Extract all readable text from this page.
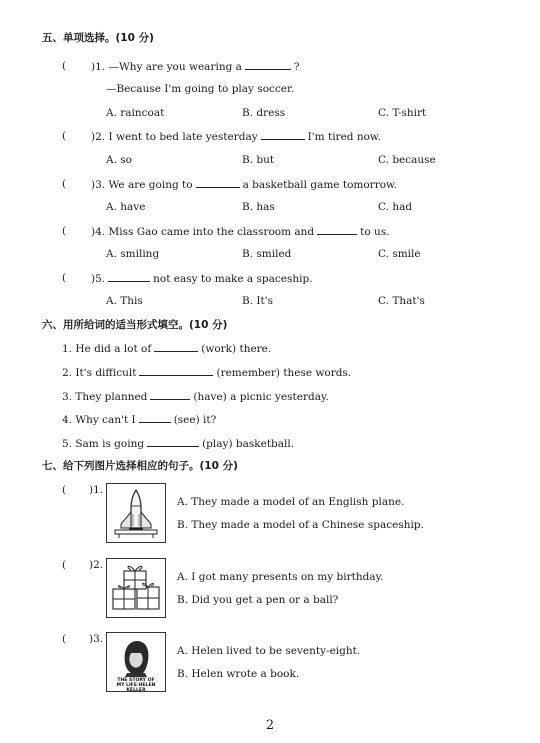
五、单项选择。(10 分)
( )1. —Why are you wearing a	?
—Because I'm going to play soccer.
A. raincoat	B. dress	C. T-shirt
( )2. I went to bed late yesterday	I'm tired now.
A. so	B. but	C. because
( )3. We are going to	a basketball game tomorrow.
A. have	B. has	C. had
( )4. Miss Gao came into the classroom and	to us.
A. smiling	B. smiled	C. smile
( )5.	not easy to make a spaceship.
A. This	B. It's	C. That's
六、用所给词的适当形式填空。(10 分)
1. He did a lot of	(work) there.
2. It's difficult	(remember) these words.
3. They planned	(have) a picnic yesterday.
4. Why can't I	(see) it?
5. Sam is going	(play) basketball.
七、给下列图片选择相应的句子。(10 分)
( )1.
A. They made a model of an English plane.
B. They made a model of a Chinese spaceship.
( )2.
A. I got many presents on my birthday.
B. Did you get a pen or a ball?
( )3.
THE STORY OF
MY LIFE HELEN
KELLER
A. Helen lived to be seventy-eight.
B. Helen wrote a book.
2
